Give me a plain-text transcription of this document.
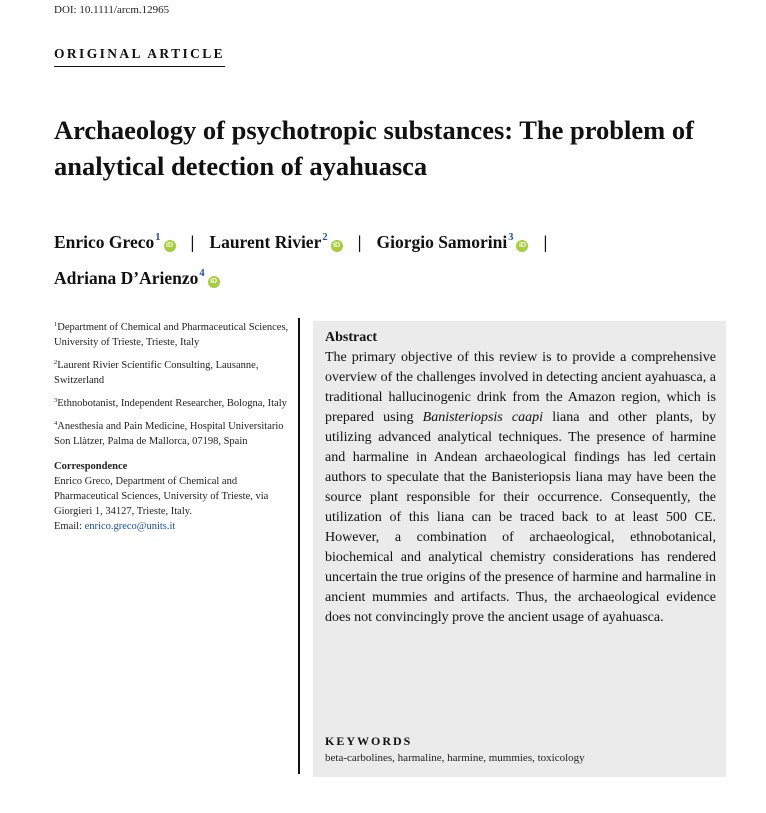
DOI: 10.1111/arcm.12965
ORIGINAL ARTICLE
Archaeology of psychotropic substances: The problem of analytical detection of ayahuasca
Enrico Greco$^1$iD | Laurent Rivier$^2$iD | Giorgio Samorini$^3$iD |
Adriana D’Arienzo$^4$iD
$^1$Department of Chemical and Pharmaceutical Sciences, University of Trieste, Trieste, Italy
$^2$Laurent Rivier Scientific Consulting, Lausanne, Switzerland
$^3$Ethnobotanist, Independent Researcher, Bologna, Italy
$^4$Anesthesia and Pain Medicine, Hospital Universitario Son Llàtzer, Palma de Mallorca, 07198, Spain
Correspondence
Enrico Greco, Department of Chemical and Pharmaceutical Sciences, University of Trieste, via Giorgieri 1, 34127, Trieste, Italy.
Email: enrico.greco@units.it
Abstract
The primary objective of this review is to provide a comprehensive overview of the challenges involved in detecting ancient ayahuasca, a traditional hallucinogenic drink from the Amazon region, which is prepared using Banisteriopsis caapi liana and other plants, by utilizing advanced analytical techniques. The presence of harmine and harmaline in Andean archaeological findings has led certain authors to speculate that the Banisteriopsis liana may have been the source plant responsible for their occurrence. Consequently, the utilization of this liana can be traced back to at least 500 CE. However, a combination of archaeological, ethnobotanical, biochemical and analytical chemistry considerations has rendered uncertain the true origins of the presence of harmine and harmaline in ancient mummies and artifacts. Thus, the archaeological evidence does not convincingly prove the ancient usage of ayahuasca.
KEYWORDS
beta-carbolines, harmaline, harmine, mummies, toxicology
